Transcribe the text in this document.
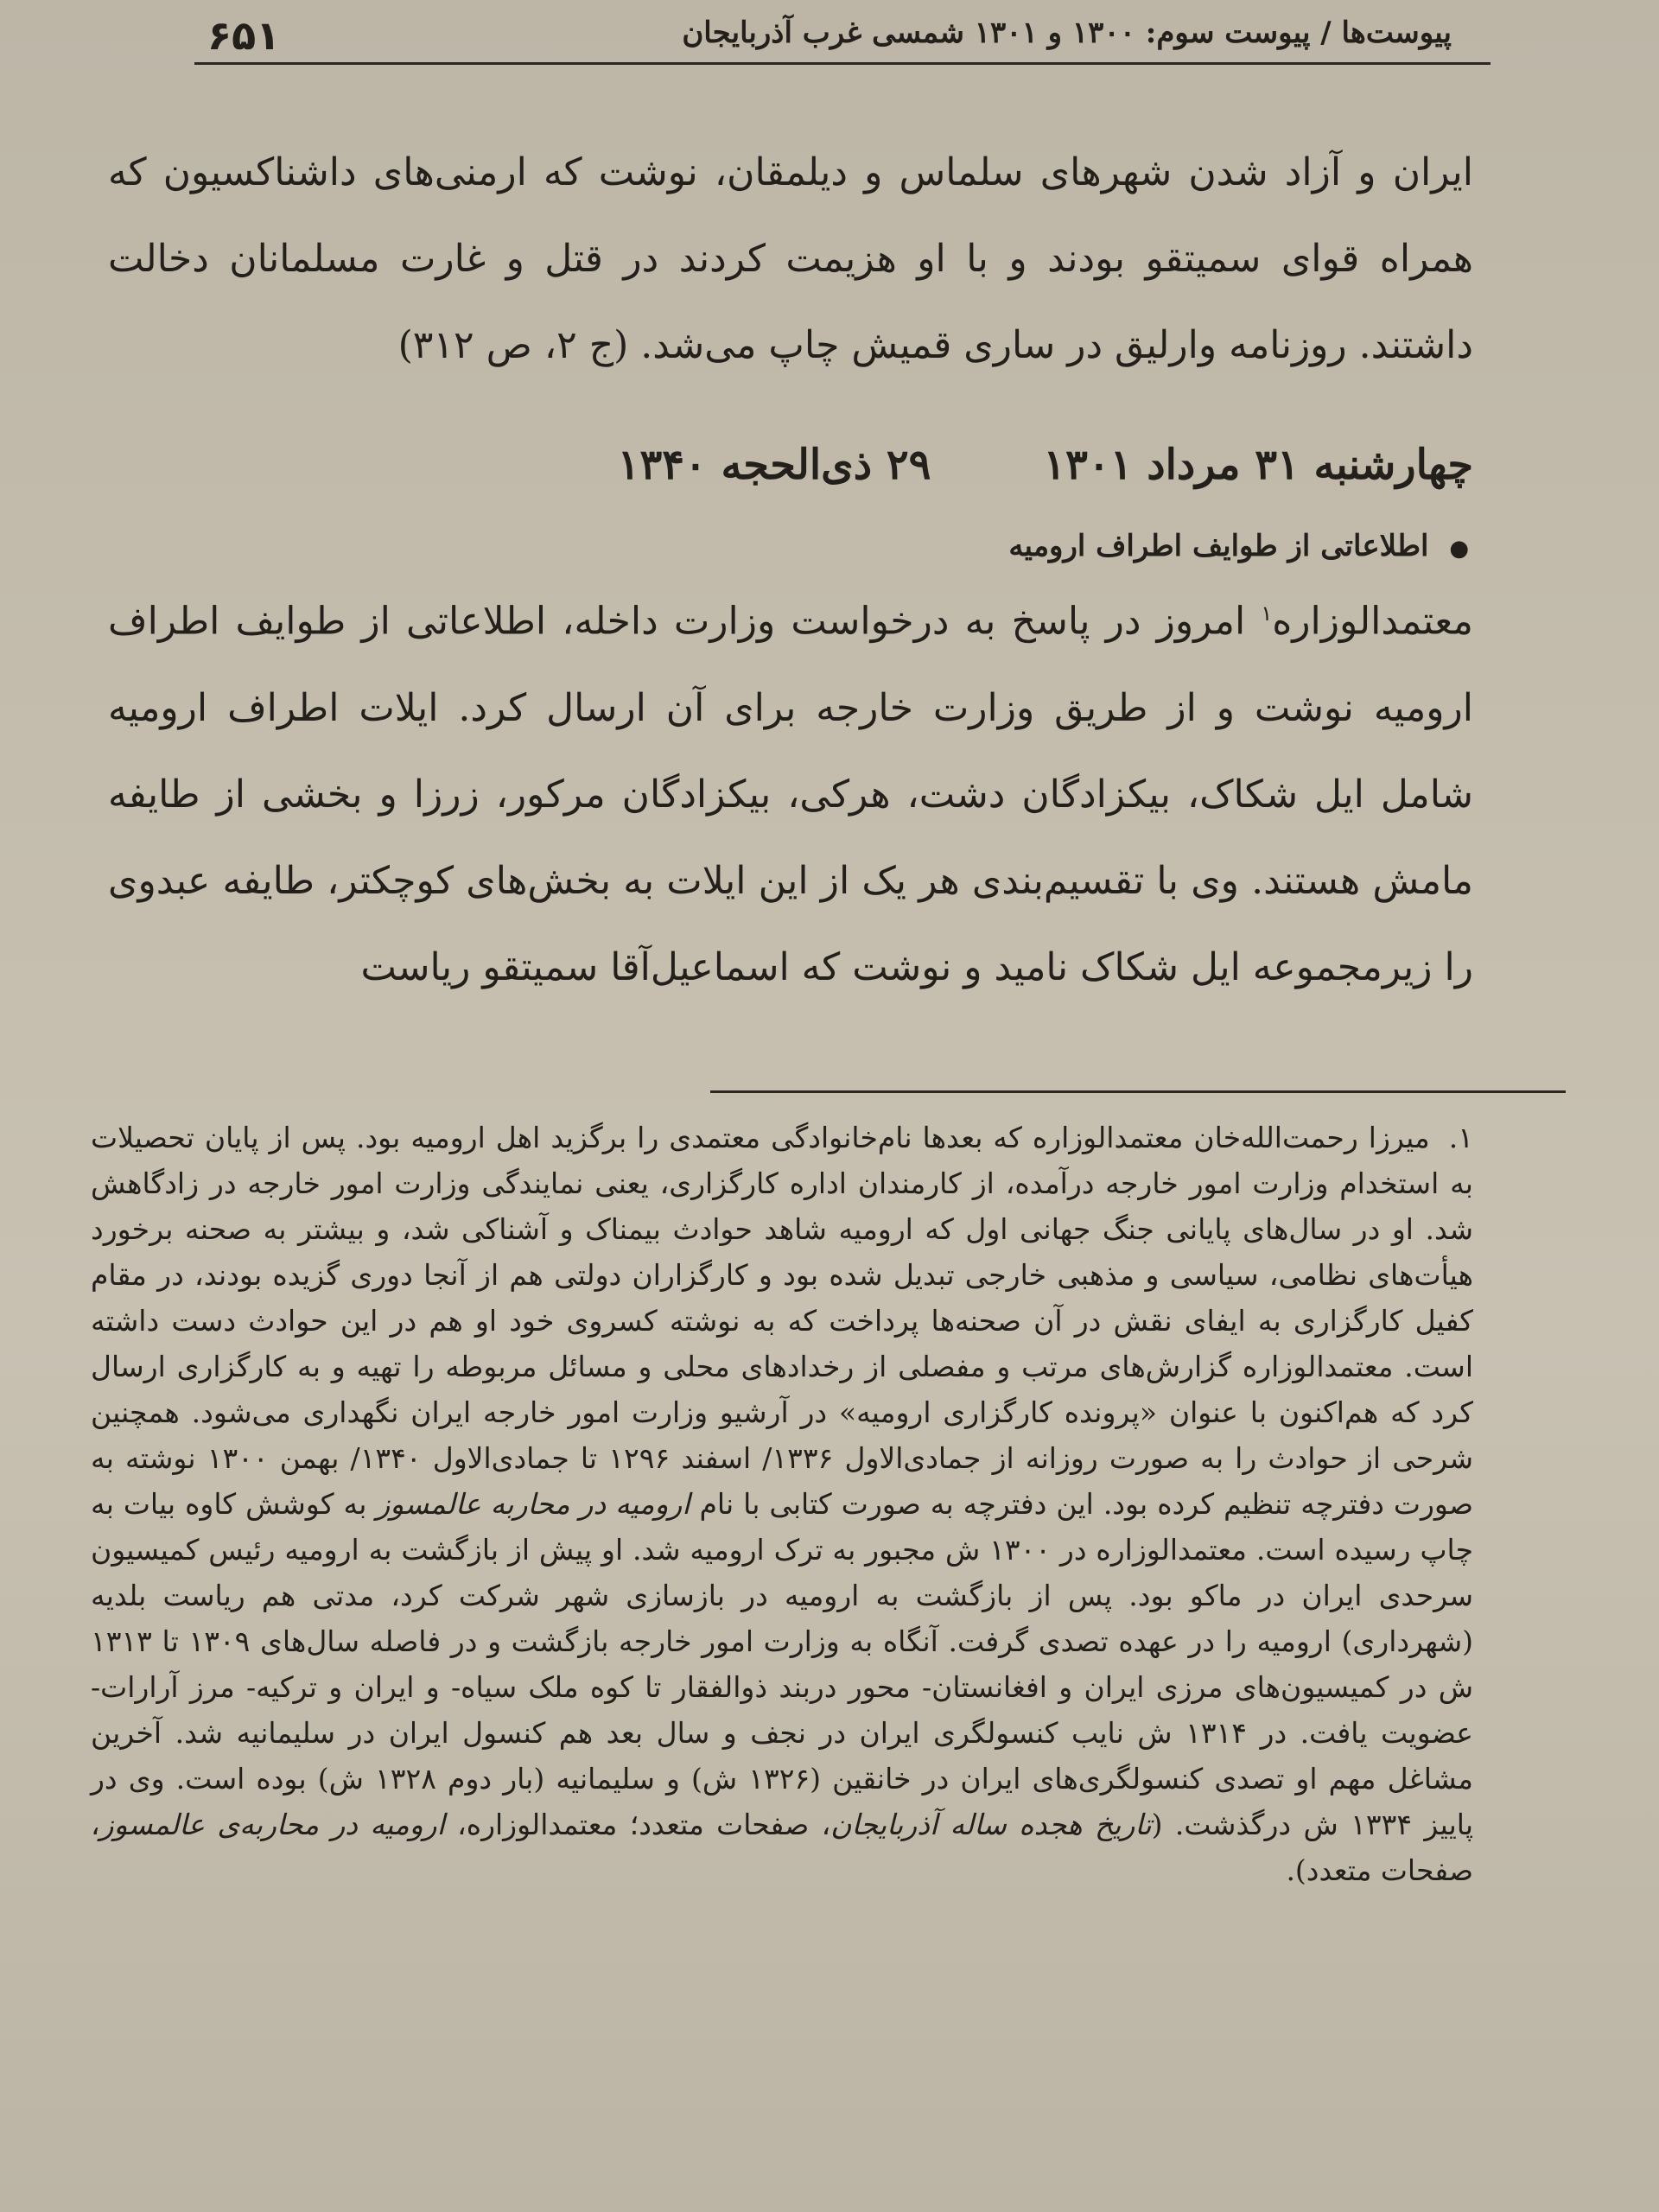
۶۵۱	پیوست‌ها / پیوست سوم: ۱۳۰۰ و ۱۳۰۱ شمسی غرب آذربایجان
ایران و آزاد شدن شهرهای سلماس و دیلمقان، نوشت که ارمنی‌های داشناکسیون که همراه قوای سمیتقو بودند و با او هزیمت کردند در قتل و غارت مسلمانان دخالت داشتند. روزنامه وارلیق در ساری قمیش چاپ می‌شد. (ج ۲، ص ۳۱۲)
چهارشنبه ۳۱ مرداد ۱۳۰۱
۲۹ ذی‌الحجه ۱۳۴۰
● اطلاعاتی از طوایف اطراف ارومیه
معتمدالوزاره$^۱$ امروز در پاسخ به درخواست وزارت داخله، اطلاعاتی از طوایف اطراف ارومیه نوشت و از طریق وزارت خارجه برای آن ارسال کرد. ایلات اطراف ارومیه شامل ایل شکاک، بیکزادگان دشت، هرکی، بیکزادگان مرکور، زرزا و بخشی از طایفه مامش هستند. وی با تقسیم‌بندی هر یک از این ایلات به بخش‌های کوچکتر، طایفه عبدوی را زیرمجموعه ایل شکاک نامید و نوشت که اسماعیل‌آقا سمیتقو ریاست
۱. میرزا رحمت‌الله‌خان معتمدالوزاره که بعدها نام‌خانوادگی معتمدی را برگزید اهل ارومیه بود. پس از پایان تحصیلات به استخدام وزارت امور خارجه درآمده، از کارمندان اداره کارگزاری، یعنی نمایندگی وزارت امور خارجه در زادگاهش شد. او در سال‌های پایانی جنگ جهانی اول که ارومیه شاهد حوادث بیمناک و آشناکی شد، و بیشتر به صحنه برخورد هیأت‌های نظامی، سیاسی و مذهبی خارجی تبدیل شده بود و کارگزاران دولتی هم از آنجا دوری گزیده بودند، در مقام کفیل کارگزاری به ایفای نقش در آن صحنه‌ها پرداخت که به نوشته کسروی خود او هم در این حوادث دست داشته است. معتمدالوزاره گزارش‌های مرتب و مفصلی از رخدادهای محلی و مسائل مربوطه را تهیه و به کارگزاری ارسال کرد که هم‌اکنون با عنوان «پرونده کارگزاری ارومیه» در آرشیو وزارت امور خارجه ایران نگهداری می‌شود. همچنین شرحی از حوادث را به صورت روزانه از جمادی‌الاول ۱۳۳۶/ اسفند ۱۲۹۶ تا جمادی‌الاول ۱۳۴۰/ بهمن ۱۳۰۰ نوشته به صورت دفترچه تنظیم کرده بود. این دفترچه به صورت کتابی با نام ارومیه در محاربه عالمسوز به کوشش کاوه بیات به چاپ رسیده است. معتمدالوزاره در ۱۳۰۰ ش مجبور به ترک ارومیه شد. او پیش از بازگشت به ارومیه رئیس کمیسیون سرحدی ایران در ماکو بود. پس از بازگشت به ارومیه در بازسازی شهر شرکت کرد، مدتی هم ریاست بلدیه (شهرداری) ارومیه را در عهده تصدی گرفت. آنگاه به وزارت امور خارجه بازگشت و در فاصله سال‌های ۱۳۰۹ تا ۱۳۱۳ ش در کمیسیون‌های مرزی ایران و افغانستان- محور دربند ذوالفقار تا کوه ملک سیاه- و ایران و ترکیه- مرز آرارات- عضویت یافت. در ۱۳۱۴ ش نایب کنسولگری ایران در نجف و سال بعد هم کنسول ایران در سلیمانیه شد. آخرین مشاغل مهم او تصدی کنسولگری‌های ایران در خانقین (۱۳۲۶ ش) و سلیمانیه (بار دوم ۱۳۲۸ ش) بوده است. وی در پاییز ۱۳۳۴ ش درگذشت. (تاریخ هجده ساله آذربایجان، صفحات متعدد؛ معتمدالوزاره، ارومیه در محاربه‌ی عالمسوز، صفحات متعدد).
